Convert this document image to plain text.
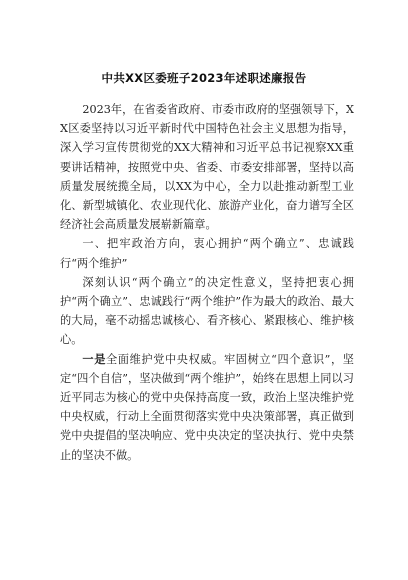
中共XX区委班子2023年述职述廉报告

2023年，在省委省政府、市委市政府的坚强领导下，XX区委坚持以习近平新时代中国特色社会主义思想为指导，深入学习宣传贯彻党的XX大精神和习近平总书记视察XX重要讲话精神，按照党中央、省委、市委安排部署，坚持以高质量发展统揽全局，以XX为中心，全力以赴推动新型工业化、新型城镇化、农业现代化、旅游产业化，奋力谱写全区经济社会高质量发展崭新篇章。

一、把牢政治方向，衷心拥护“两个确立”、忠诚践行“两个维护”

深刻认识“两个确立”的决定性意义，坚持把衷心拥护“两个确立”、忠诚践行“两个维护”作为最大的政治、最大的大局，毫不动摇忠诚核心、看齐核心、紧跟核心、维护核心。

一是全面维护党中央权威。牢固树立“四个意识”，坚定“四个自信”，坚决做到“两个维护”，始终在思想上同以习近平同志为核心的党中央保持高度一致，政治上坚决维护党中央权威，行动上全面贯彻落实党中央决策部署，真正做到党中央提倡的坚决响应、党中央决定的坚决执行、党中央禁止的坚决不做。
